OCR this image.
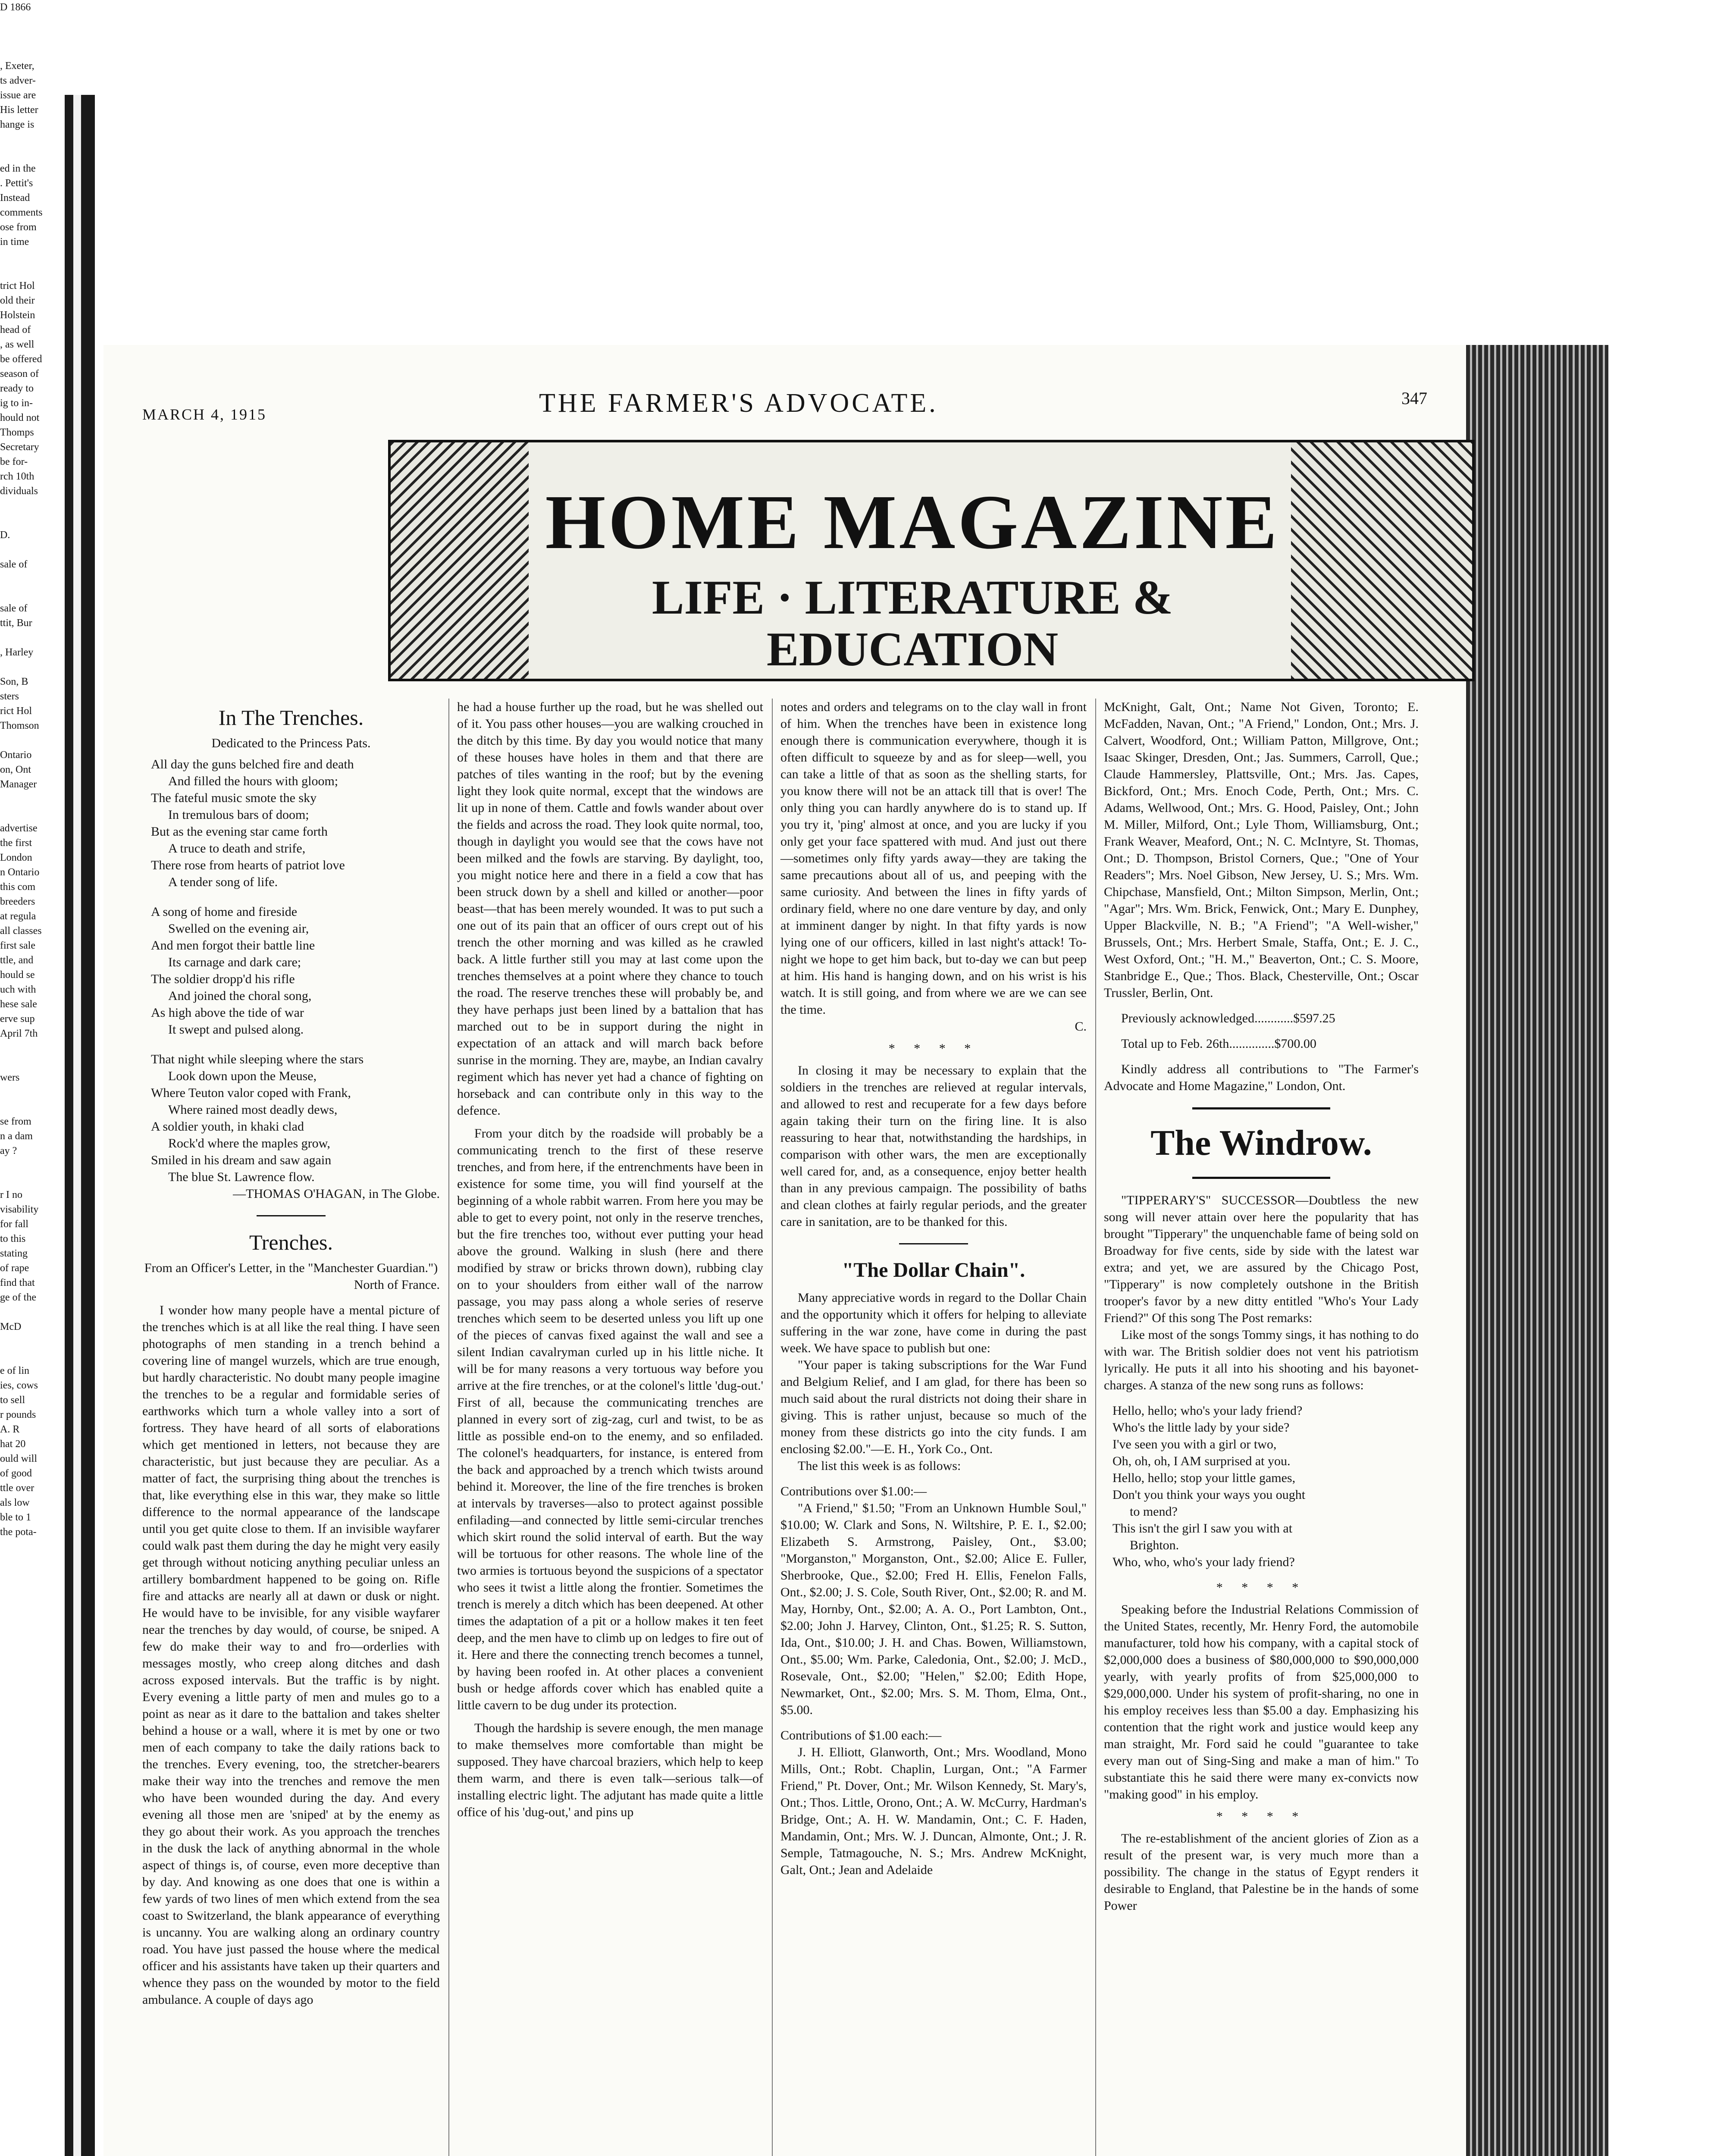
D 1866

, Exeter,

ts adver-

issue are

His letter

hange is

ed in the

. Pettit's

Instead

comments

ose from

in time

trict Hol

old their

Holstein

head of

, as well

be offered

season of

ready to

ig to in-

hould not

Thomps

Secretary

be for-

rch 10th

dividuals

D.

sale of

sale of

ttit, Bur

, Harley

Son, B

sters

rict Hol

Thomson

Ontario

on, Ont

Manager

advertise

the first

London

n Ontario

this com

breeders

at regula

all classes

first sale

ttle, and

hould se

uch with

hese sale

erve sup

April 7th

wers

se from

n a dam

ay ?

r I no

visability

for fall

to this

stating

of rape

find that

ge of the

McD

e of lin

ies, cows

to sell

r pounds

A. R

hat 20

ould will

of good

ttle over

als low

ble to 1

the pota-

MARCH 4, 1915	THE FARMER'S ADVOCATE.	347
HOME MAGAZINE
LIFE · LITERATURE &
EDUCATION

In The Trenches.

Dedicated to the Princess Pats.

All day the guns belched fire and death

And filled the hours with gloom;

The fateful music smote the sky

In tremulous bars of doom;

But as the evening star came forth

A truce to death and strife,

There rose from hearts of patriot love

A tender song of life.

A song of home and fireside

Swelled on the evening air,

And men forgot their battle line

Its carnage and dark care;

The soldier dropp'd his rifle

And joined the choral song,

As high above the tide of war

It swept and pulsed along.

That night while sleeping where the stars

Look down upon the Meuse,

Where Teuton valor coped with Frank,

Where rained most deadly dews,

A soldier youth, in khaki clad

Rock'd where the maples grow,

Smiled in his dream and saw again

The blue St. Lawrence flow.

—THOMAS O'HAGAN, in The Globe.

Trenches.

From an Officer's Letter, in the "Manchester Guardian.")

North of France.

I wonder how many people have a mental picture of the trenches which is at all like the real thing. I have seen photographs of men standing in a trench behind a covering line of mangel wurzels, which are true enough, but hardly characteristic. No doubt many people imagine the trenches to be a regular and formidable series of earthworks which turn a whole valley into a sort of fortress. They have heard of all sorts of elaborations which get mentioned in letters, not because they are characteristic, but just because they are peculiar. As a matter of fact, the surprising thing about the trenches is that, like everything else in this war, they make so little difference to the normal appearance of the landscape until you get quite close to them. If an invisible wayfarer could walk past them during the day he might very easily get through without noticing anything peculiar unless an artillery bombardment happened to be going on. Rifle fire and attacks are nearly all at dawn or dusk or night. He would have to be invisible, for any visible wayfarer near the trenches by day would, of course, be sniped. A few do make their way to and fro—orderlies with messages mostly, who creep along ditches and dash across exposed intervals. But the traffic is by night. Every evening a little party of men and mules go to a point as near as it dare to the battalion and takes shelter behind a house or a wall, where it is met by one or two men of each company to take the daily rations back to the trenches. Every evening, too, the stretcher-bearers make their way into the trenches and remove the men who have been wounded during the day. And every evening all those men are 'sniped' at by the enemy as they go about their work. As you approach the trenches in the dusk the lack of anything abnormal in the whole aspect of things is, of course, even more deceptive than by day. And knowing as one does that one is within a few yards of two lines of men which extend from the sea coast to Switzerland, the blank appearance of everything is uncanny. You are walking along an ordinary country road. You have just passed the house where the medical officer and his assistants have taken up their quarters and whence they pass on the wounded by motor to the field ambulance. A couple of days ago

he had a house further up the road, but he was shelled out of it. You pass other houses—you are walking crouched in the ditch by this time. By day you would notice that many of these houses have holes in them and that there are patches of tiles wanting in the roof; but by the evening light they look quite normal, except that the windows are lit up in none of them. Cattle and fowls wander about over the fields and across the road. They look quite normal, too, though in daylight you would see that the cows have not been milked and the fowls are starving. By daylight, too, you might notice here and there in a field a cow that has been struck down by a shell and killed or another—poor beast—that has been merely wounded. It was to put such a one out of its pain that an officer of ours crept out of his trench the other morning and was killed as he crawled back. A little further still you may at last come upon the trenches themselves at a point where they chance to touch the road. The reserve trenches these will probably be, and they have perhaps just been lined by a battalion that has marched out to be in support during the night in expectation of an attack and will march back before sunrise in the morning. They are, maybe, an Indian cavalry regiment which has never yet had a chance of fighting on horseback and can contribute only in this way to the defence.

From your ditch by the roadside will probably be a communicating trench to the first of these reserve trenches, and from here, if the entrenchments have been in existence for some time, you will find yourself at the beginning of a whole rabbit warren. From here you may be able to get to every point, not only in the reserve trenches, but the fire trenches too, without ever putting your head above the ground. Walking in slush (here and there modified by straw or bricks thrown down), rubbing clay on to your shoulders from either wall of the narrow passage, you may pass along a whole series of reserve trenches which seem to be deserted unless you lift up one of the pieces of canvas fixed against the wall and see a silent Indian cavalryman curled up in his little niche. It will be for many reasons a very tortuous way before you arrive at the fire trenches, or at the colonel's little 'dug-out.' First of all, because the communicating trenches are planned in every sort of zig-zag, curl and twist, to be as little as possible end-on to the enemy, and so enfiladed. The colonel's headquarters, for instance, is entered from the back and approached by a trench which twists around behind it. Moreover, the line of the fire trenches is broken at intervals by traverses—also to protect against possible enfilading—and connected by little semi-circular trenches which skirt round the solid interval of earth. But the way will be tortuous for other reasons. The whole line of the two armies is tortuous beyond the suspicions of a spectator who sees it twist a little along the frontier. Sometimes the trench is merely a ditch which has been deepened. At other times the adaptation of a pit or a hollow makes it ten feet deep, and the men have to climb up on ledges to fire out of it. Here and there the connecting trench becomes a tunnel, by having been roofed in. At other places a convenient bush or hedge affords cover which has enabled quite a little cavern to be dug under its protection.

Though the hardship is severe enough, the men manage to make themselves more comfortable than might be supposed. They have charcoal braziers, which help to keep them warm, and there is even talk—serious talk—of installing electric light. The adjutant has made quite a little office of his 'dug-out,' and pins up

notes and orders and telegrams on to the clay wall in front of him. When the trenches have been in existence long enough there is communication everywhere, though it is often difficult to squeeze by and as for sleep—well, you can take a little of that as soon as the shelling starts, for you know there will not be an attack till that is over! The only thing you can hardly anywhere do is to stand up. If you try it, 'ping' almost at once, and you are lucky if you only get your face spattered with mud. And just out there—sometimes only fifty yards away—they are taking the same precautions about all of us, and peeping with the same curiosity. And between the lines in fifty yards of ordinary field, where no one dare venture by day, and only at imminent danger by night. In that fifty yards is now lying one of our officers, killed in last night's attack! To-night we hope to get him back, but to-day we can but peep at him. His hand is hanging down, and on his wrist is his watch. It is still going, and from where we are we can see the time.

C.

* * * *

In closing it may be necessary to explain that the soldiers in the trenches are relieved at regular intervals, and allowed to rest and recuperate for a few days before again taking their turn on the firing line. It is also reassuring to hear that, notwithstanding the hardships, in comparison with other wars, the men are exceptionally well cared for, and, as a consequence, enjoy better health than in any previous campaign. The possibility of baths and clean clothes at fairly regular periods, and the greater care in sanitation, are to be thanked for this.

"The Dollar Chain".

Many appreciative words in regard to the Dollar Chain and the opportunity which it offers for helping to alleviate suffering in the war zone, have come in during the past week. We have space to publish but one:

"Your paper is taking subscriptions for the War Fund and Belgium Relief, and I am glad, for there has been so much said about the rural districts not doing their share in giving. This is rather unjust, because so much of the money from these districts go into the city funds. I am enclosing $2.00."—E. H., York Co., Ont.

The list this week is as follows:

Contributions over $1.00:—

"A Friend," $1.50; "From an Unknown Humble Soul," $10.00; W. Clark and Sons, N. Wiltshire, P. E. I., $2.00; Elizabeth S. Armstrong, Paisley, Ont., $3.00; "Morganston," Morganston, Ont., $2.00; Alice E. Fuller, Sherbrooke, Que., $2.00; Fred H. Ellis, Fenelon Falls, Ont., $2.00; J. S. Cole, South River, Ont., $2.00; R. and M. May, Hornby, Ont., $2.00; A. A. O., Port Lambton, Ont., $2.00; John J. Harvey, Clinton, Ont., $1.25; R. S. Sutton, Ida, Ont., $10.00; J. H. and Chas. Bowen, Williamstown, Ont., $5.00; Wm. Parke, Caledonia, Ont., $2.00; J. McD., Rosevale, Ont., $2.00; "Helen," $2.00; Edith Hope, Newmarket, Ont., $2.00; Mrs. S. M. Thom, Elma, Ont., $5.00.

Contributions of $1.00 each:—

J. H. Elliott, Glanworth, Ont.; Mrs. Woodland, Mono Mills, Ont.; Robt. Chaplin, Lurgan, Ont.; "A Farmer Friend," Pt. Dover, Ont.; Mr. Wilson Kennedy, St. Mary's, Ont.; Thos. Little, Orono, Ont.; A. W. McCurry, Hardman's Bridge, Ont.; A. H. W. Mandamin, Ont.; C. F. Haden, Mandamin, Ont.; Mrs. W. J. Duncan, Almonte, Ont.; J. R. Semple, Tatmagouche, N. S.; Mrs. Andrew McKnight, Galt, Ont.; Jean and Adelaide

McKnight, Galt, Ont.; Name Not Given, Toronto; E. McFadden, Navan, Ont.; "A Friend," London, Ont.; Mrs. J. Calvert, Woodford, Ont.; William Patton, Millgrove, Ont.; Isaac Skinger, Dresden, Ont.; Jas. Summers, Carroll, Que.; Claude Hammersley, Plattsville, Ont.; Mrs. Jas. Capes, Bickford, Ont.; Mrs. Enoch Code, Perth, Ont.; Mrs. C. Adams, Wellwood, Ont.; Mrs. G. Hood, Paisley, Ont.; John M. Miller, Milford, Ont.; Lyle Thom, Williamsburg, Ont.; Frank Weaver, Meaford, Ont.; N. C. McIntyre, St. Thomas, Ont.; D. Thompson, Bristol Corners, Que.; "One of Your Readers"; Mrs. Noel Gibson, New Jersey, U. S.; Mrs. Wm. Chipchase, Mansfield, Ont.; Milton Simpson, Merlin, Ont.; "Agar"; Mrs. Wm. Brick, Fenwick, Ont.; Mary E. Dunphey, Upper Blackville, N. B.; "A Friend"; "A Well-wisher," Brussels, Ont.; Mrs. Herbert Smale, Staffa, Ont.; E. J. C., West Oxford, Ont.; "H. M.," Beaverton, Ont.; C. S. Moore, Stanbridge E., Que.; Thos. Black, Chesterville, Ont.; Oscar Trussler, Berlin, Ont.

Previously acknowledged............$597.25

Total up to Feb. 26th..............$700.00

Kindly address all contributions to "The Farmer's Advocate and Home Magazine," London, Ont.

The Windrow.

"TIPPERARY'S" SUCCESSOR—Doubtless the new song will never attain over here the popularity that has brought "Tipperary" the unquenchable fame of being sold on Broadway for five cents, side by side with the latest war extra; and yet, we are assured by the Chicago Post, "Tipperary" is now completely outshone in the British trooper's favor by a new ditty entitled "Who's Your Lady Friend?" Of this song The Post remarks:

Like most of the songs Tommy sings, it has nothing to do with war. The British soldier does not vent his patriotism lyrically. He puts it all into his shooting and his bayonet-charges. A stanza of the new song runs as follows:

Hello, hello; who's your lady friend?

Who's the little lady by your side?

I've seen you with a girl or two,

Oh, oh, oh, I AM surprised at you.

Hello, hello; stop your little games,

Don't you think your ways you ought

to mend?

This isn't the girl I saw you with at

Brighton.

Who, who, who's your lady friend?

* * * *

Speaking before the Industrial Relations Commission of the United States, recently, Mr. Henry Ford, the automobile manufacturer, told how his company, with a capital stock of $2,000,000 does a business of $80,000,000 to $90,000,000 yearly, with yearly profits of from $25,000,000 to $29,000,000. Under his system of profit-sharing, no one in his employ receives less than $5.00 a day. Emphasizing his contention that the right work and justice would keep any man straight, Mr. Ford said he could "guarantee to take every man out of Sing-Sing and make a man of him." To substantiate this he said there were many ex-convicts now "making good" in his employ.

* * * *

The re-establishment of the ancient glories of Zion as a result of the present war, is very much more than a possibility. The change in the status of Egypt renders it desirable to England, that Palestine be in the hands of some Power
